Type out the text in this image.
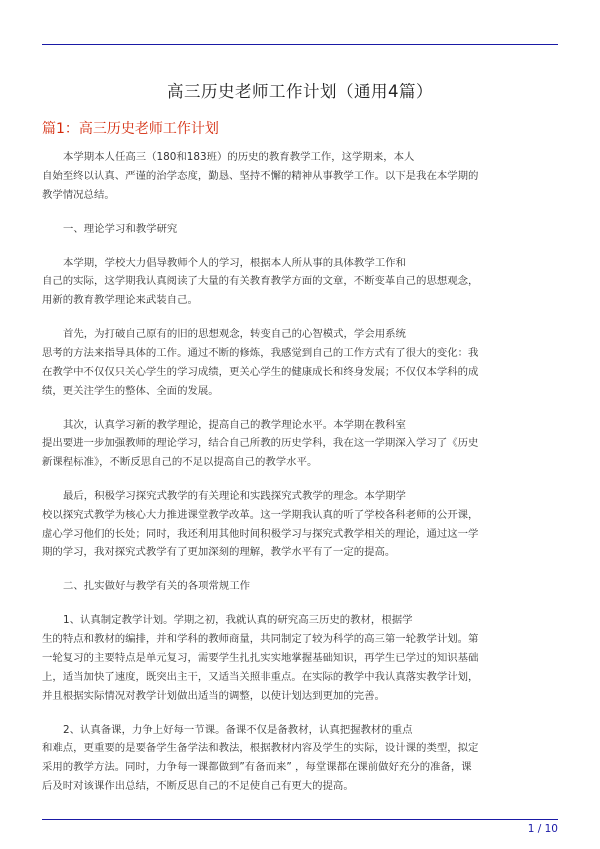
高三历史老师工作计划（通用4篇）
篇1：高三历史老师工作计划

本学期本人任高三（180和183班）的历史的教育教学工作，这学期来，本人
自始至终以认真、严谨的治学态度，勤恳、坚持不懈的精神从事教学工作。以下是我在本学期的
教学情况总结。

一、理论学习和教学研究

本学期，学校大力倡导教师个人的学习，根据本人所从事的具体教学工作和
自己的实际，这学期我认真阅读了大量的有关教育教学方面的文章，不断变革自己的思想观念，
用新的教育教学理论来武装自己。

首先，为打破自己原有的旧的思想观念，转变自己的心智模式，学会用系统
思考的方法来指导具体的工作。通过不断的修炼，我感觉到自己的工作方式有了很大的变化：我
在教学中不仅仅只关心学生的学习成绩，更关心学生的健康成长和终身发展；不仅仅本学科的成
绩，更关注学生的整体、全面的发展。

其次，认真学习新的教学理论，提高自己的教学理论水平。本学期在教科室
提出要进一步加强教师的理论学习，结合自己所教的历史学科，我在这一学期深入学习了《历史
新课程标准》，不断反思自己的不足以提高自己的教学水平。

最后，积极学习探究式教学的有关理论和实践探究式教学的理念。本学期学
校以探究式教学为核心大力推进课堂教学改革。这一学期我认真的听了学校各科老师的公开课，
虚心学习他们的长处；同时，我还利用其他时间积极学习与探究式教学相关的理论，通过这一学
期的学习，我对探究式教学有了更加深刻的理解，教学水平有了一定的提高。

二、扎实做好与教学有关的各项常规工作

1、认真制定教学计划。学期之初，我就认真的研究高三历史的教材，根据学
生的特点和教材的编排，并和学科的教师商量，共同制定了较为科学的高三第一轮教学计划。第
一轮复习的主要特点是单元复习，需要学生扎扎实实地掌握基础知识，再学生已学过的知识基础
上，适当加快了速度，既突出主干，又适当关照非重点。在实际的教学中我认真落实教学计划，
并且根据实际情况对教学计划做出适当的调整，以使计划达到更加的完善。

2、认真备课，力争上好每一节课。备课不仅是备教材，认真把握教材的重点
和难点，更重要的是要备学生备学法和教法，根据教材内容及学生的实际，设计课的类型，拟定
采用的教学方法。同时，力争每一课都做到”有备而来” ，每堂课都在课前做好充分的准备，课
后及时对该课作出总结，不断反思自己的不足使自己有更大的提高。

1 / 10
